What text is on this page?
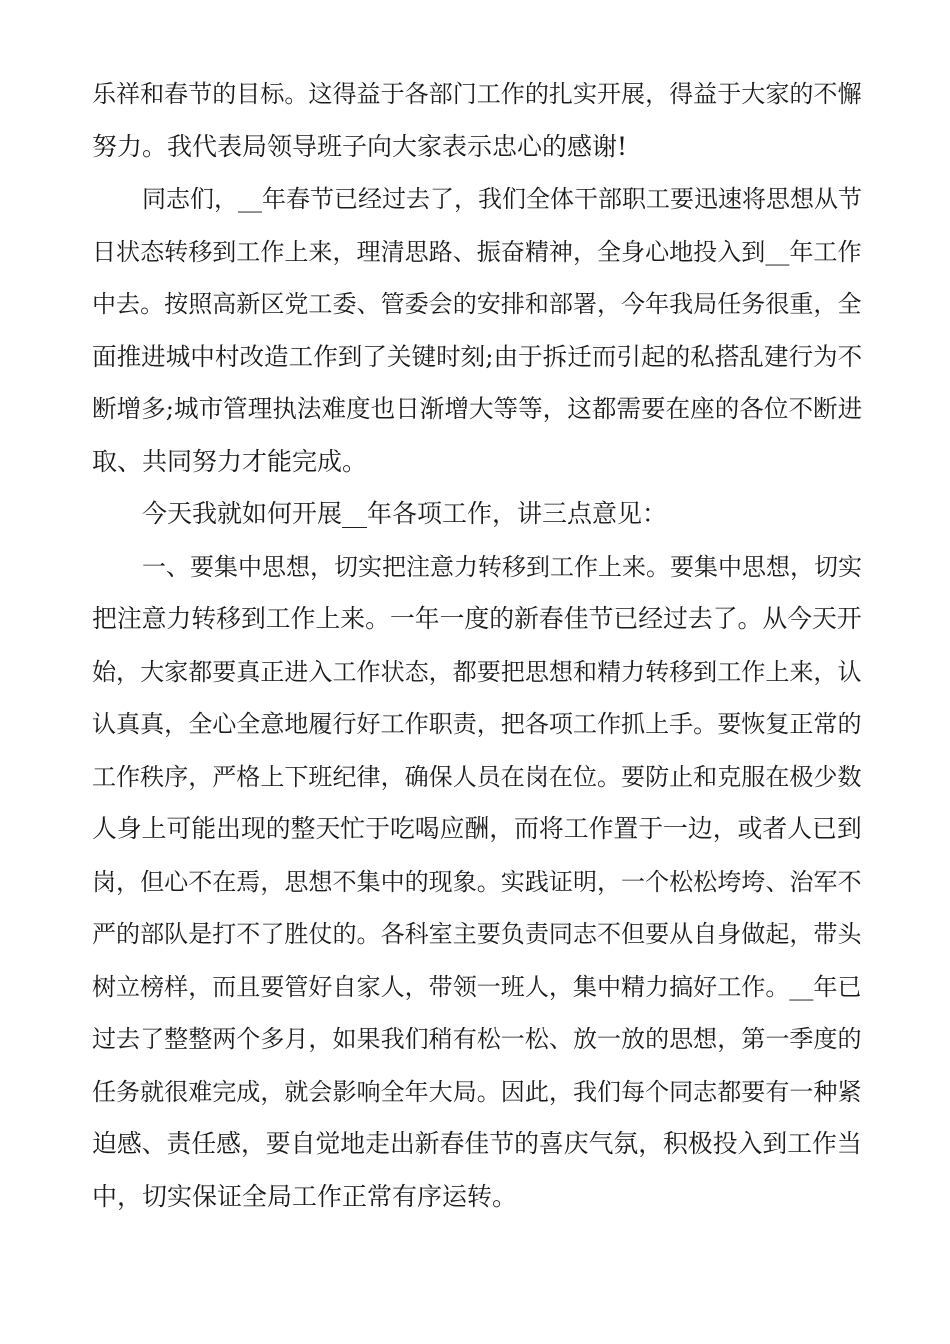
乐祥和春节的目标。这得益于各部门工作的扎实开展，得益于大家的不懈
努力。我代表局领导班子向大家表示忠心的感谢!
同志们，__年春节已经过去了，我们全体干部职工要迅速将思想从节
日状态转移到工作上来，理清思路、振奋精神，全身心地投入到__年工作
中去。按照高新区党工委、管委会的安排和部署，今年我局任务很重，全
面推进城中村改造工作到了关键时刻;由于拆迁而引起的私搭乱建行为不
断增多;城市管理执法难度也日渐增大等等，这都需要在座的各位不断进
取、共同努力才能完成。
今天我就如何开展__年各项工作，讲三点意见：
一、要集中思想，切实把注意力转移到工作上来。要集中思想，切实
把注意力转移到工作上来。一年一度的新春佳节已经过去了。从今天开
始，大家都要真正进入工作状态，都要把思想和精力转移到工作上来，认
认真真，全心全意地履行好工作职责，把各项工作抓上手。要恢复正常的
工作秩序，严格上下班纪律，确保人员在岗在位。要防止和克服在极少数
人身上可能出现的整天忙于吃喝应酬，而将工作置于一边，或者人已到
岗，但心不在焉，思想不集中的现象。实践证明，一个松松垮垮、治军不
严的部队是打不了胜仗的。各科室主要负责同志不但要从自身做起，带头
树立榜样，而且要管好自家人，带领一班人，集中精力搞好工作。__年已
过去了整整两个多月，如果我们稍有松一松、放一放的思想，第一季度的
任务就很难完成，就会影响全年大局。因此，我们每个同志都要有一种紧
迫感、责任感，要自觉地走出新春佳节的喜庆气氛，积极投入到工作当
中，切实保证全局工作正常有序运转。
